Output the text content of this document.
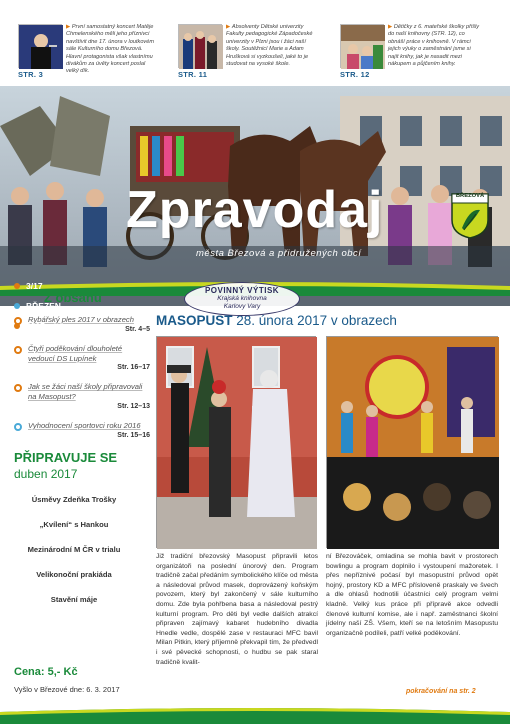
STR. 3
▶ První samostatný koncert Matěje Chmelenského měli jeho příznivci navštívit dne 17. února v loutkovém sále Kulturního domu Březová. Hlavní protagonista však vlastnímu divákům za úvěty koncert poslal velký dík.	STR. 11
▶ Absolventy Dětské univerzity Fakulty pedagogické Západočeské univerzity v Plzni jsou i žáci naší školy. Soutěžnicí Marie a Adam Hrušková si vyzkoušeli, jaké to je studovat na vysoké škole.
STR. 12
▶ Dětičky z 6. mateřské školky přišly do naší knihovny (STR. 12), co obnáší práce v knihovně. V rámci jejich výuky o zaměstnání jsme si najít knihy, jak je nasadit mezi nákupem a půjčením knihy.
3/17
BŘEZEN
2017
Zpravodaj
města Březová a přidružených obcí
BŘEZOVÁ
POVINNÝ VÝTISK
Krajská knihovna
Karlovy Vary
Z obsahu
Rybářský ples 2017 v obrazech
Str. 4–5
Čtyři poděkování dlouholeté vedoucí DS Lupínek
Str. 16–17
Jak se žáci naší školy připravovali na Masopust?
Str. 12–13
Vyhodnocení sportovci roku 2016
Str. 15–16
PŘIPRAVUJE SE
duben 2017
Úsměvy Zdeňka Trošky
„Kvílení“ s Hankou
Mezinárodní M ČR v trialu
Velikonoční prakiáda
Stavění máje
Cena: 5,- Kč
Vyšlo v Březové dne: 6. 3. 2017
MASOPUST 28. února 2017 v obrazech
Již tradiční březovský Masopust připravili letos organizátoři na poslední únorový den. Program tradičně začal předáním symbolického klíče od města a následoval průvod masek, doprovázený koňským povozem, který byl zakončený v sále kulturního domu. Zde byla pohřbena basa a následoval pestrý kulturní program. Pro děti byl vedle dalších atrakcí připraven zajímavý kabaret hudebního divadla Hnedle vedle, dospělé zase v restauraci MFC bavil Milan Pitkin, který příjemně překvapil tím, že předvedl i své pěvecké schopnosti, o hudbu se pak staral tradičně kvalit-
ní Březováček, omladina se mohla bavit v prostorech bowlingu a program doplnilo i vystoupení mažoretek. I přes nepříznivé počasí byl masopustní průvod opět hojný, prostory KD a MFC přísloveně praskaly ve švech a dle ohlasů hodnotili účastníci celý program velmi kladně. Velký kus práce při přípravě akce odvedli členové kulturní komise, ale i např. zaměstnanci školní jídelny naší ZŠ. Všem, kteří se na letošním Masopustu organizačně podíleli, patří velké poděkování.
pokračování na str. 2
